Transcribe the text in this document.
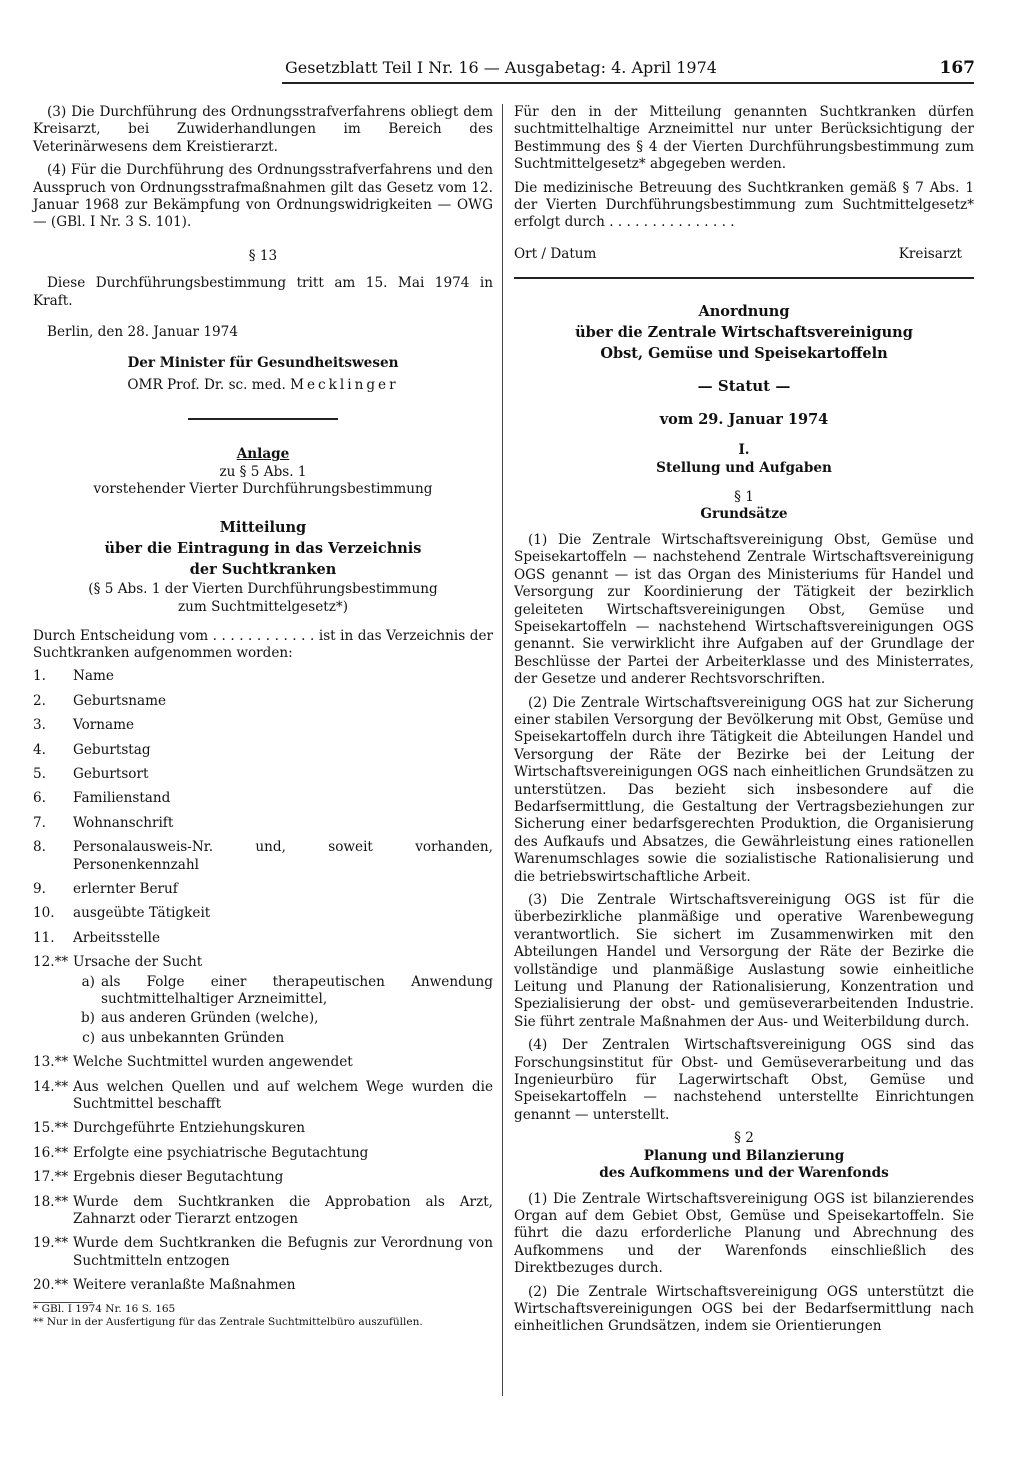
Gesetzblatt Teil I Nr. 16 — Ausgabetag: 4. April 1974	167

(3) Die Durchführung des Ordnungsstrafverfahrens obliegt dem Kreisarzt, bei Zuwiderhandlungen im Bereich des Veterinärwesens dem Kreistierarzt.

(4) Für die Durchführung des Ordnungsstrafverfahrens und den Ausspruch von Ordnungsstrafmaßnahmen gilt das Gesetz vom 12. Januar 1968 zur Bekämpfung von Ordnungswidrigkeiten — OWG — (GBl. I Nr. 3 S. 101).

§ 13

Diese Durchführungsbestimmung tritt am 15. Mai 1974 in Kraft.

Berlin, den 28. Januar 1974

Der Minister für Gesundheitswesen
OMR Prof. Dr. sc. med. Mecklinger
Anlage
zu § 5 Abs. 1
vorstehender Vierter Durchführungsbestimmung
Mitteilung
über die Eintragung in das Verzeichnis
der Suchtkranken
(§ 5 Abs. 1 der Vierten Durchführungsbestimmung
zum Suchtmittelgesetz*)

Durch Entscheidung vom . . . . . . . . . . . . ist in das Verzeichnis der Suchtkranken aufgenommen worden:

1.	Name
2.	Geburtsname
3.	Vorname
4.	Geburtstag
5.	Geburtsort
6.	Familienstand
7.	Wohnanschrift
8.	Personalausweis-Nr. und, soweit vorhanden, Personenkennzahl
9.	erlernter Beruf
10.	ausgeübte Tätigkeit
11.	Arbeitsstelle
12.** Ursache der Sucht
a) als Folge einer therapeutischen Anwendung suchtmittelhaltiger Arzneimittel,
b) aus anderen Gründen (welche),
c) aus unbekannten Gründen
13.** Welche Suchtmittel wurden angewendet
14.** Aus welchen Quellen und auf welchem Wege wurden die Suchtmittel beschafft
15.** Durchgeführte Entziehungskuren
16.** Erfolgte eine psychiatrische Begutachtung
17.** Ergebnis dieser Begutachtung
18.** Wurde dem Suchtkranken die Approbation als Arzt, Zahnarzt oder Tierarzt entzogen
19.** Wurde dem Suchtkranken die Befugnis zur Verordnung von Suchtmitteln entzogen
20.** Weitere veranlaßte Maßnahmen
* GBl. I 1974 Nr. 16 S. 165
** Nur in der Ausfertigung für das Zentrale Suchtmittelbüro auszufüllen.

Für den in der Mitteilung genannten Suchtkranken dürfen suchtmittelhaltige Arzneimittel nur unter Berücksichtigung der Bestimmung des § 4 der Vierten Durchführungsbestimmung zum Suchtmittelgesetz* abgegeben werden.

Die medizinische Betreuung des Suchtkranken gemäß § 7 Abs. 1 der Vierten Durchführungsbestimmung zum Suchtmittelgesetz* erfolgt durch . . . . . . . . . . . . . . .

Ort / Datum	Kreisarzt
Anordnung
über die Zentrale Wirtschaftsvereinigung
Obst, Gemüse und Speisekartoffeln
— Statut —
vom 29. Januar 1974
I.
Stellung und Aufgaben
§ 1
Grundsätze

(1) Die Zentrale Wirtschaftsvereinigung Obst, Gemüse und Speisekartoffeln — nachstehend Zentrale Wirtschaftsvereinigung OGS genannt — ist das Organ des Ministeriums für Handel und Versorgung zur Koordinierung der Tätigkeit der bezirklich geleiteten Wirtschaftsvereinigungen Obst, Gemüse und Speisekartoffeln — nachstehend Wirtschaftsvereinigungen OGS genannt. Sie verwirklicht ihre Aufgaben auf der Grundlage der Beschlüsse der Partei der Arbeiterklasse und des Ministerrates, der Gesetze und anderer Rechtsvorschriften.

(2) Die Zentrale Wirtschaftsvereinigung OGS hat zur Sicherung einer stabilen Versorgung der Bevölkerung mit Obst, Gemüse und Speisekartoffeln durch ihre Tätigkeit die Abteilungen Handel und Versorgung der Räte der Bezirke bei der Leitung der Wirtschaftsvereinigungen OGS nach einheitlichen Grundsätzen zu unterstützen. Das bezieht sich insbesondere auf die Bedarfsermittlung, die Gestaltung der Vertragsbeziehungen zur Sicherung einer bedarfsgerechten Produktion, die Organisierung des Aufkaufs und Absatzes, die Gewährleistung eines rationellen Warenumschlages sowie die sozialistische Rationalisierung und die betriebswirtschaftliche Arbeit.

(3) Die Zentrale Wirtschaftsvereinigung OGS ist für die überbezirkliche planmäßige und operative Warenbewegung verantwortlich. Sie sichert im Zusammenwirken mit den Abteilungen Handel und Versorgung der Räte der Bezirke die vollständige und planmäßige Auslastung sowie einheitliche Leitung und Planung der Rationalisierung, Konzentration und Spezialisierung der obst- und gemüseverarbeitenden Industrie. Sie führt zentrale Maßnahmen der Aus- und Weiterbildung durch.

(4) Der Zentralen Wirtschaftsvereinigung OGS sind das Forschungsinstitut für Obst- und Gemüseverarbeitung und das Ingenieurbüro für Lagerwirtschaft Obst, Gemüse und Speisekartoffeln — nachstehend unterstellte Einrichtungen genannt — unterstellt.

§ 2
Planung und Bilanzierung
des Aufkommens und der Warenfonds

(1) Die Zentrale Wirtschaftsvereinigung OGS ist bilanzierendes Organ auf dem Gebiet Obst, Gemüse und Speisekartoffeln. Sie führt die dazu erforderliche Planung und Abrechnung des Aufkommens und der Warenfonds einschließlich des Direktbezuges durch.

(2) Die Zentrale Wirtschaftsvereinigung OGS unterstützt die Wirtschaftsvereinigungen OGS bei der Bedarfsermittlung nach einheitlichen Grundsätzen, indem sie Orientierungen
